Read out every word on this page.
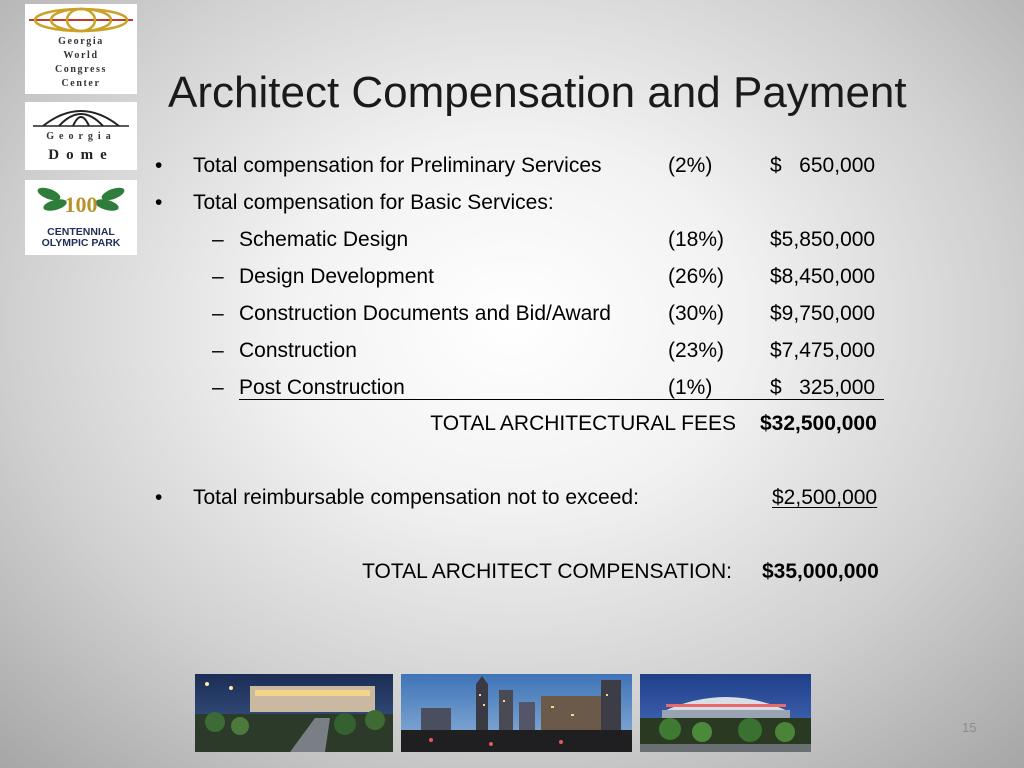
Georgia
World
Congress
Center
Georgia
Dome
100
CENTENNIAL
OLYMPIC PARK
Architect Compensation and Payment
• Total compensation for Preliminary Services	(2%)	$   650,000
• Total compensation for Basic Services:
– Schematic Design	(18%) $5,850,000
– Design Development	(26%) $8,450,000
– Construction Documents and Bid/Award	(30%) $9,750,000
– Construction	(23%) $7,475,000
– Post Construction	(1%)	$   325,000
TOTAL ARCHITECTURAL FEES $32,500,000
• Total reimbursable compensation not to exceed:	$2,500,000
TOTAL ARCHITECT COMPENSATION: $35,000,000
15
